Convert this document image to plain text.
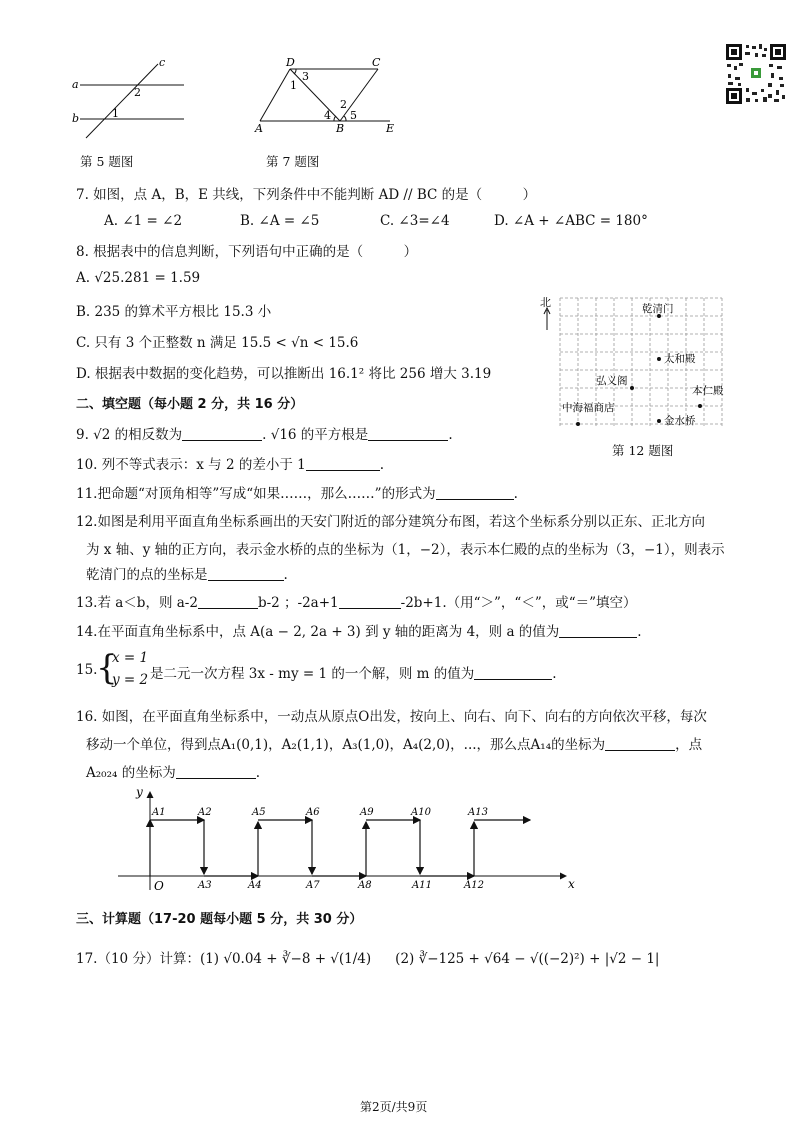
a
b
c
2
1
第 5 题图
D	C
A	B	E
3
1
2
4 5
第 7 题图
7. 如图，点 A，B，E 共线，下列条件中不能判断 AD // BC 的是（　　　）
A. ∠1 = ∠2	B. ∠A = ∠5	C. ∠3=∠4	D. ∠A + ∠ABC = 180°
8. 根据表中的信息判断，下列语句中正确的是（　　　）
A. √25.281 = 1.59
B. 235 的算术平方根比 15.3 小
C. 只有 3 个正整数 n 满足 15.5 < √n < 15.6
D. 根据表中数据的变化趋势，可以推断出 16.1² 将比 256 增大 3.19
北	乾清门
太和殿
弘义阁
本仁殿
中海福商店
金水桥
第 12 题图
二、填空题（每小题 2 分，共 16 分）
9. √2 的相反数为	. √16 的平方根是	.
10. 列不等式表示：x 与 2 的差小于 1	.
11.把命题“对顶角相等”写成“如果……，那么……”的形式为	.
12.如图是利用平面直角坐标系画出的天安门附近的部分建筑分布图，若这个坐标系分别以正东、正北方向
为 x 轴、y 轴的正方向，表示金水桥的点的坐标为（1，−2），表示本仁殿的点的坐标为（3，−1），则表示
乾清门的点的坐标是	.
13.若 a＜b，则 a-2	b-2 ；-2a+1	-2b+1.（用“＞”，“＜”，或“＝”填空）
14.在平面直角坐标系中，点 A(a − 2, 2a + 3) 到 y 轴的距离为 4，则 a 的值为	.
15.
{
x = 1
y = 2 是二元一次方程 3x - my = 1 的一个解，则 m 的值为	.
16. 如图，在平面直角坐标系中，一动点从原点O出发，按向上、向右、向下、向右的方向依次平移，每次
移动一个单位，得到点A₁(0,1)，A₂(1,1)，A₃(1,0)，A₄(2,0)，...，那么点A₁₄的坐标为	，点
A₂₀₂₄ 的坐标为	.
y
x
O
A1	A2	A5	A6	A9	A10	A13
A3	A4	A7	A8	A11	A12
三、计算题（17-20 题每小题 5 分，共 30 分）
17.（10 分）计算：(1) √0.04 + ∛−8 + √(1/4) (2) ∛−125 + √64 − √((−2)²) + |√2 − 1|
第2页/共9页
